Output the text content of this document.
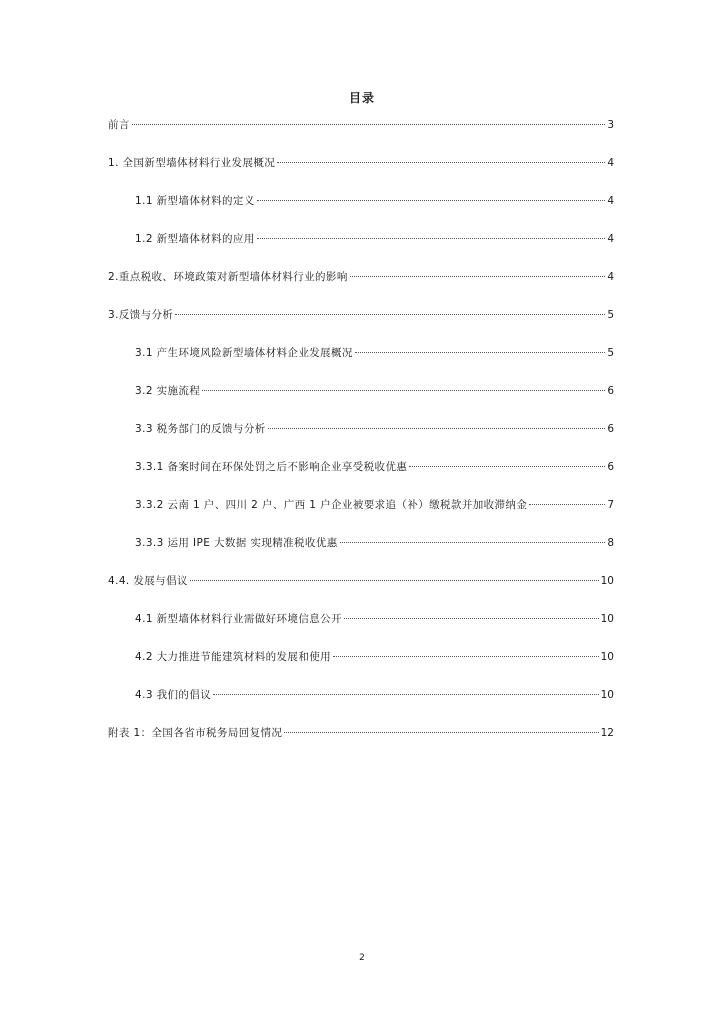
目录
前言	3
1. 全国新型墙体材料行业发展概况	4
1.1 新型墙体材料的定义	4
1.2 新型墙体材料的应用	4
2.重点税收、环境政策对新型墙体材料行业的影响	4
3.反馈与分析	5
3.1 产生环境风险新型墙体材料企业发展概况	5
3.2 实施流程	6
3.3 税务部门的反馈与分析	6
3.3.1 备案时间在环保处罚之后不影响企业享受税收优惠	6
3.3.2 云南 1 户、四川 2 户、广西 1 户企业被要求追（补）缴税款并加收滞纳金	7
3.3.3 运用 IPE 大数据 实现精准税收优惠	8
4.4. 发展与倡议	10
4.1 新型墙体材料行业需做好环境信息公开	10
4.2 大力推进节能建筑材料的发展和使用	10
4.3 我们的倡议	10
附表 1：全国各省市税务局回复情况	12
2
